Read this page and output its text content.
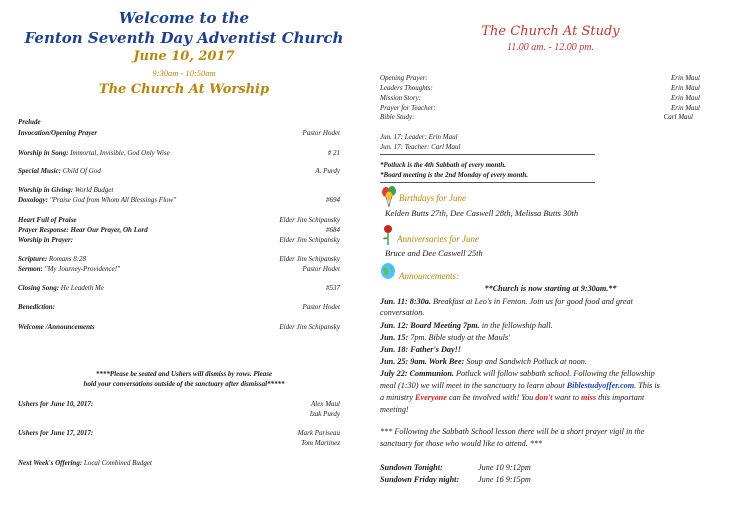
Welcome to the
Fenton Seventh Day Adventist Church
June 10, 2017
9:30am - 10:50am
The Church At Worship
Prelude
Invocation/Opening Prayer	Pastor Hodet
Worship in Song: Immortal, Invisible, God Only Wise	# 21
Special Music: Child Of God	A. Purdy
Worship in Giving: World Budget
Doxology: "Praise God from Whom All Blessings Flow"	#694
Heart Full of Praise	Elder Jim Schipansky
Prayer Response: Hear Our Prayer, Oh Lord	#684
Worship in Prayer:	Elder Jim Schipansky
Scripture: Romans 8:28	Elder Jim Schipansky
Sermon: "My Journey-Providence!"	Pastor Hodet
Closing Song: He Leadeth Me	#537
Benediction:	Pastor Hodet
Welcome /Announcements	Elder Jim Schipansky
****Please be seated and Ushers will dismiss by rows. Please
hold your conversations outside of the sanctuary after dismissal*****
Ushers for June 10, 2017:	Alex Maul
Izak Purdy
Ushers for June 17, 2017:	Mark Pariseau
Tom Martinez
Next Week's Offering: Local Combined Budget
The Church At Study
11.00 am. - 12.00 pm.
Opening Prayer:	Erin Maul
Leaders Thoughts:	Erin Maul
Mission Story:	Erin Maul
Prayer for Teacher:	Erin Maul
Bible Study:	Carl Maul
Jun. 17: Leader: Erin Maul
Jun. 17: Teacher: Carl Maul
*Potluck is the 4th Sabbath of every month.
*Board meeting is the 2nd Monday of every month.
Birthdays for June
Kelden Butts 27th, Dee Caswell 28th, Melissa Butts 30th
Anniversaries for June
Bruce and Dee Caswell 25th
Announcements:
**Church is now starting at 9:30am.**
Jun. 11: 8:30a. Breakfast at Leo's in Fenton. Join us for good food and great
conversation.
Jun. 12: Board Meeting 7pm. in the fellowship hall.
Jun. 15: 7pm. Bible study at the Mauls'
Jun. 18: Father's Day!!
Jun. 25: 9am. Work Bee: Soup and Sandwich Potluck at noon.
July 22: Communion. Potluck will follow sabbath school. Following the fellowship
meal (1:30) we will meet in the sanctuary to learn about Biblestudyoffer.com. This is
a ministry Everyone can be involved with! You don't want to miss this important
meeting!
*** Following the Sabbath School lesson there will be a short prayer vigil in the
sanctuary for those who would like to attend. ***
Sundown Tonight:	June 10 9:12pm
Sundown Friday night: June 16 9:15pm
